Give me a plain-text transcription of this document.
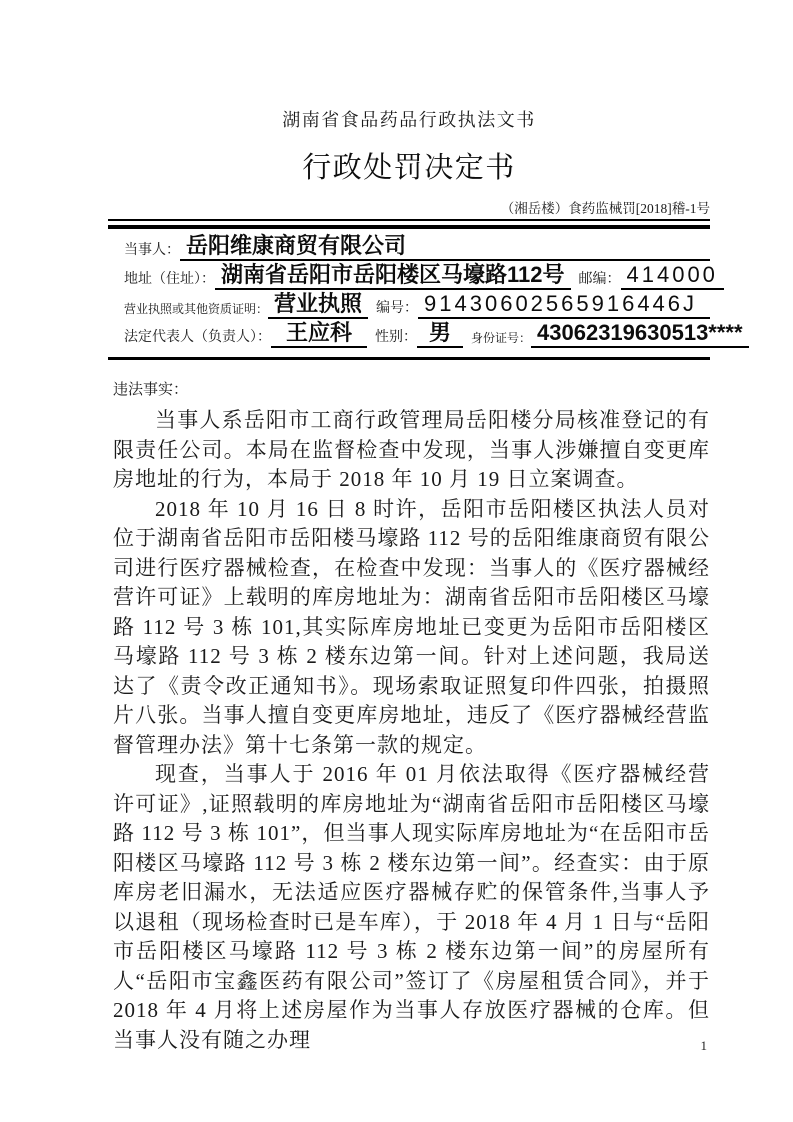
湖南省食品药品行政执法文书
行政处罚决定书
（湘岳楼）食药监械罚[2018]稽-1号
当事人： 岳阳维康商贸有限公司
地址（住址）： 湖南省岳阳市岳阳楼区马壕路112号	邮编： 414000
营业执照或其他资质证明： 营业执照	编号： 91430602565916446J
法定代表人（负责人）： 王应科	性别： 男	身份证号： 43062319630513****
违法事实：

当事人系岳阳市工商行政管理局岳阳楼分局核准登记的有限责任公司。本局在监督检查中发现，当事人涉嫌擅自变更库房地址的行为，本局于 2018 年 10 月 19 日立案调查。

2018 年 10 月 16 日 8 时许，岳阳市岳阳楼区执法人员对位于湖南省岳阳市岳阳楼马壕路 112 号的岳阳维康商贸有限公司进行医疗器械检查，在检查中发现：当事人的《医疗器械经营许可证》上载明的库房地址为：湖南省岳阳市岳阳楼区马壕路 112 号 3 栋 101,其实际库房地址已变更为岳阳市岳阳楼区马壕路 112 号 3 栋 2 楼东边第一间。针对上述问题，我局送达了《责令改正通知书》。现场索取证照复印件四张，拍摄照片八张。当事人擅自变更库房地址，违反了《医疗器械经营监督管理办法》第十七条第一款的规定。

现查，当事人于 2016 年 01 月依法取得《医疗器械经营许可证》,证照载明的库房地址为“湖南省岳阳市岳阳楼区马壕路 112 号 3 栋 101”，但当事人现实际库房地址为“在岳阳市岳阳楼区马壕路 112 号 3 栋 2 楼东边第一间”。经查实：由于原库房老旧漏水，无法适应医疗器械存贮的保管条件,当事人予以退租（现场检查时已是车库），于 2018 年 4 月 1 日与“岳阳市岳阳楼区马壕路 112 号 3 栋 2 楼东边第一间”的房屋所有人“岳阳市宝鑫医药有限公司”签订了《房屋租赁合同》，并于 2018 年 4 月将上述房屋作为当事人存放医疗器械的仓库。但当事人没有随之办理	1
